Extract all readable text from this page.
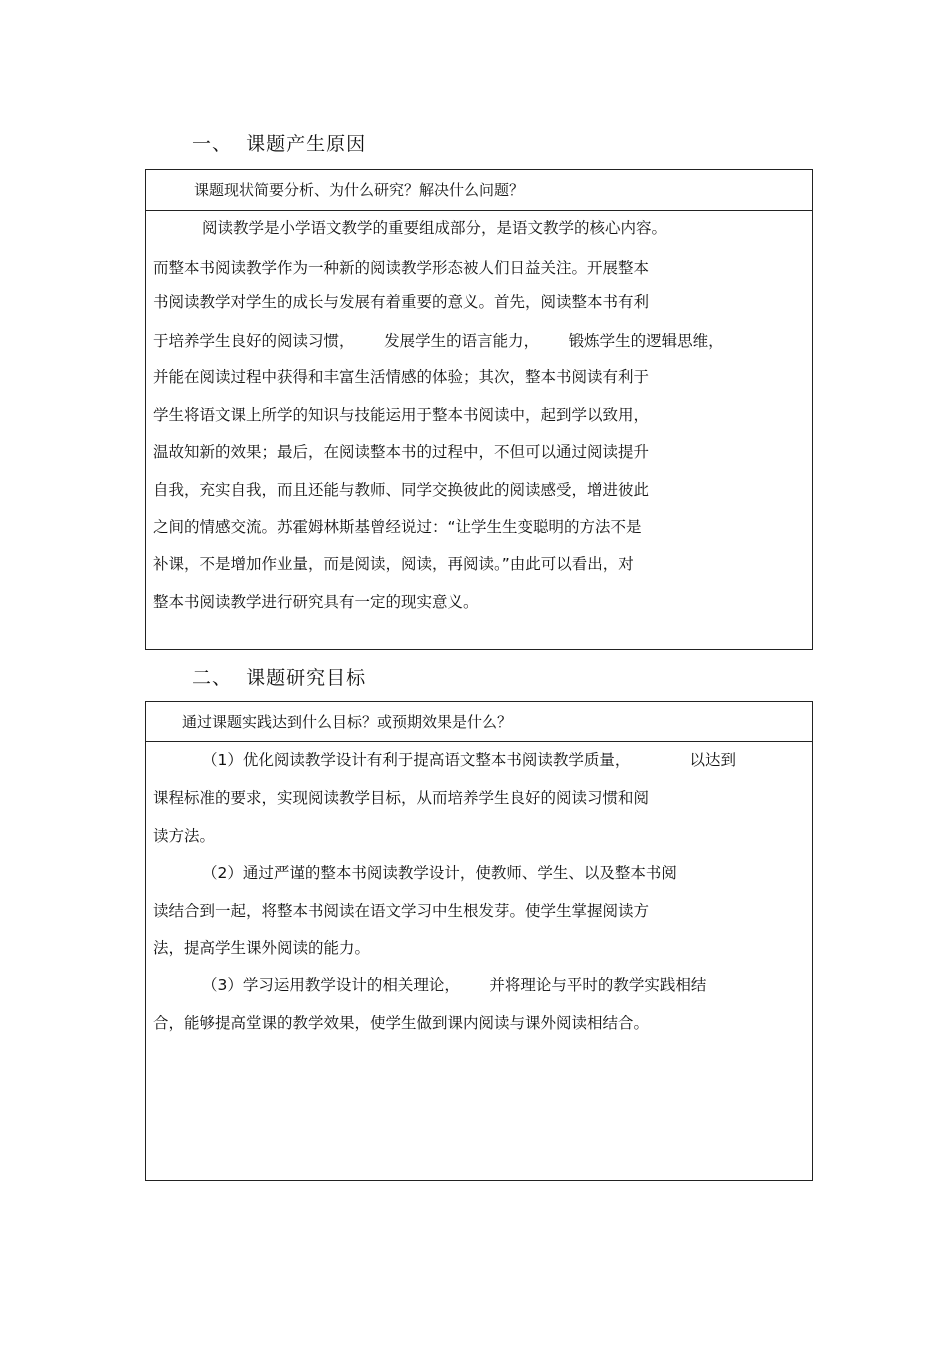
一、  课题产生原因

课题现状简要分析、为什么研究？解决什么问题？

阅读教学是小学语文教学的重要组成部分，是语文教学的核心内容。
而整本书阅读教学作为一种新的阅读教学形态被人们日益关注。开展整本
书阅读教学对学生的成长与发展有着重要的意义。首先，阅读整本书有利
于培养学生良好的阅读习惯，      发展学生的语言能力，      锻炼学生的逻辑思维，
并能在阅读过程中获得和丰富生活情感的体验；其次，整本书阅读有利于
学生将语文课上所学的知识与技能运用于整本书阅读中，起到学以致用，
温故知新的效果；最后，在阅读整本书的过程中，不但可以通过阅读提升
自我，充实自我，而且还能与教师、同学交换彼此的阅读感受，增进彼此
之间的情感交流。苏霍姆林斯基曾经说过：“让学生生变聪明的方法不是
补课，不是增加作业量，而是阅读，阅读，再阅读。”由此可以看出，对
整本书阅读教学进行研究具有一定的现实意义。
二、  课题研究目标

通过课题实践达到什么目标？或预期效果是什么？

（1）优化阅读教学设计有利于提高语文整本书阅读教学质量，            以达到
课程标准的要求，实现阅读教学目标，从而培养学生良好的阅读习惯和阅
读方法。
（2）通过严谨的整本书阅读教学设计，使教师、学生、以及整本书阅
读结合到一起，将整本书阅读在语文学习中生根发芽。使学生掌握阅读方
法，提高学生课外阅读的能力。
（3）学习运用教学设计的相关理论，      并将理论与平时的教学实践相结
合，能够提高堂课的教学效果，使学生做到课内阅读与课外阅读相结合。
